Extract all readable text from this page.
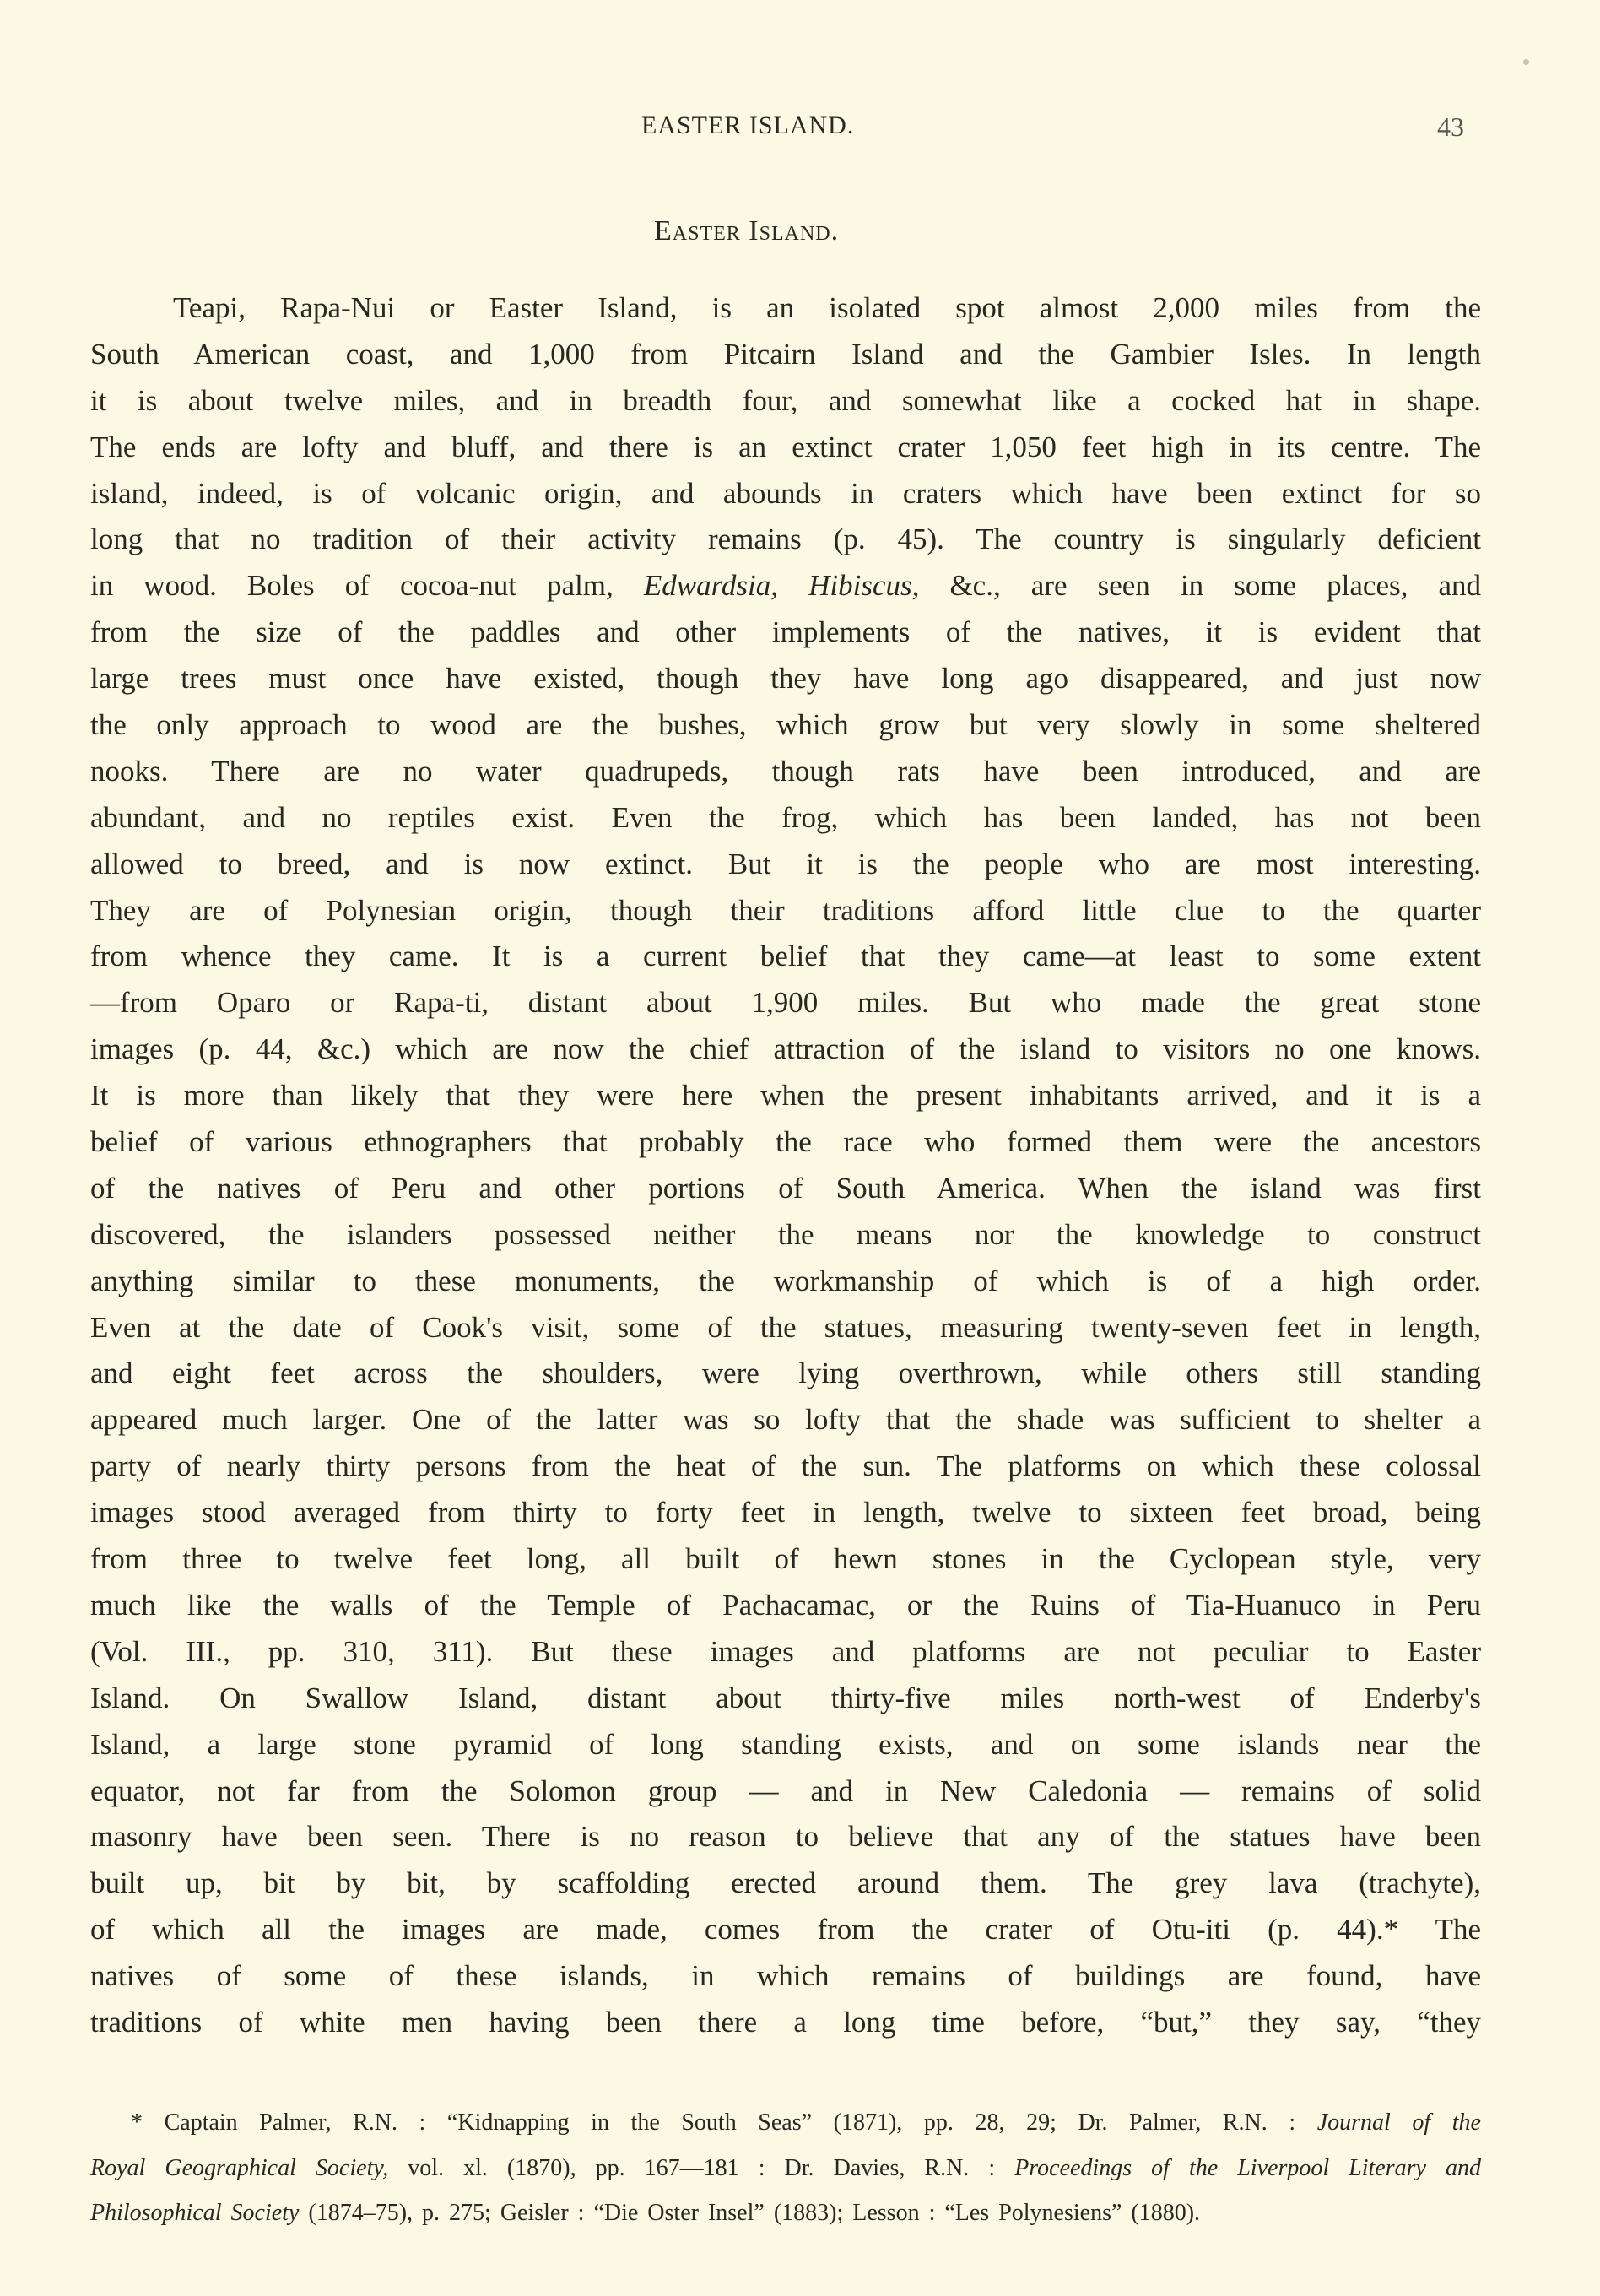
EASTER ISLAND.	43
Easter Island.
Teapi, Rapa-Nui or Easter Island, is an isolated spot almost 2,000 miles from the
South American coast, and 1,000 from Pitcairn Island and the Gambier Isles. In length
it is about twelve miles, and in breadth four, and somewhat like a cocked hat in shape.
The ends are lofty and bluff, and there is an extinct crater 1,050 feet high in its centre. The
island, indeed, is of volcanic origin, and abounds in craters which have been extinct for so
long that no tradition of their activity remains (p. 45). The country is singularly deficient
in wood. Boles of cocoa-nut palm, Edwardsia, Hibiscus, &c., are seen in some places, and
from the size of the paddles and other implements of the natives, it is evident that
large trees must once have existed, though they have long ago disappeared, and just now
the only approach to wood are the bushes, which grow but very slowly in some sheltered
nooks. There are no water quadrupeds, though rats have been introduced, and are
abundant, and no reptiles exist. Even the frog, which has been landed, has not been
allowed to breed, and is now extinct. But it is the people who are most interesting.
They are of Polynesian origin, though their traditions afford little clue to the quarter
from whence they came. It is a current belief that they came—at least to some extent
—from Oparo or Rapa-ti, distant about 1,900 miles. But who made the great stone
images (p. 44, &c.) which are now the chief attraction of the island to visitors no one knows.
It is more than likely that they were here when the present inhabitants arrived, and it is a
belief of various ethnographers that probably the race who formed them were the ancestors
of the natives of Peru and other portions of South America. When the island was first
discovered, the islanders possessed neither the means nor the knowledge to construct
anything similar to these monuments, the workmanship of which is of a high order.
Even at the date of Cook's visit, some of the statues, measuring twenty-seven feet in length,
and eight feet across the shoulders, were lying overthrown, while others still standing
appeared much larger. One of the latter was so lofty that the shade was sufficient to shelter a
party of nearly thirty persons from the heat of the sun. The platforms on which these colossal
images stood averaged from thirty to forty feet in length, twelve to sixteen feet broad, being
from three to twelve feet long, all built of hewn stones in the Cyclopean style, very
much like the walls of the Temple of Pachacamac, or the Ruins of Tia-Huanuco in Peru
(Vol. III., pp. 310, 311). But these images and platforms are not peculiar to Easter
Island. On Swallow Island, distant about thirty-five miles north-west of Enderby's
Island, a large stone pyramid of long standing exists, and on some islands near the
equator, not far from the Solomon group — and in New Caledonia — remains of solid
masonry have been seen. There is no reason to believe that any of the statues have been
built up, bit by bit, by scaffolding erected around them. The grey lava (trachyte),
of which all the images are made, comes from the crater of Otu-iti (p. 44).* The
natives of some of these islands, in which remains of buildings are found, have
traditions of white men having been there a long time before, “but,” they say, “they
* Captain Palmer, R.N. : “Kidnapping in the South Seas” (1871), pp. 28, 29; Dr. Palmer, R.N. : Journal of the
Royal Geographical Society, vol. xl. (1870), pp. 167—181 : Dr. Davies, R.N. : Proceedings of the Liverpool Literary and
Philosophical Society (1874–75), p. 275; Geisler : “Die Oster Insel” (1883); Lesson : “Les Polynesiens” (1880).
